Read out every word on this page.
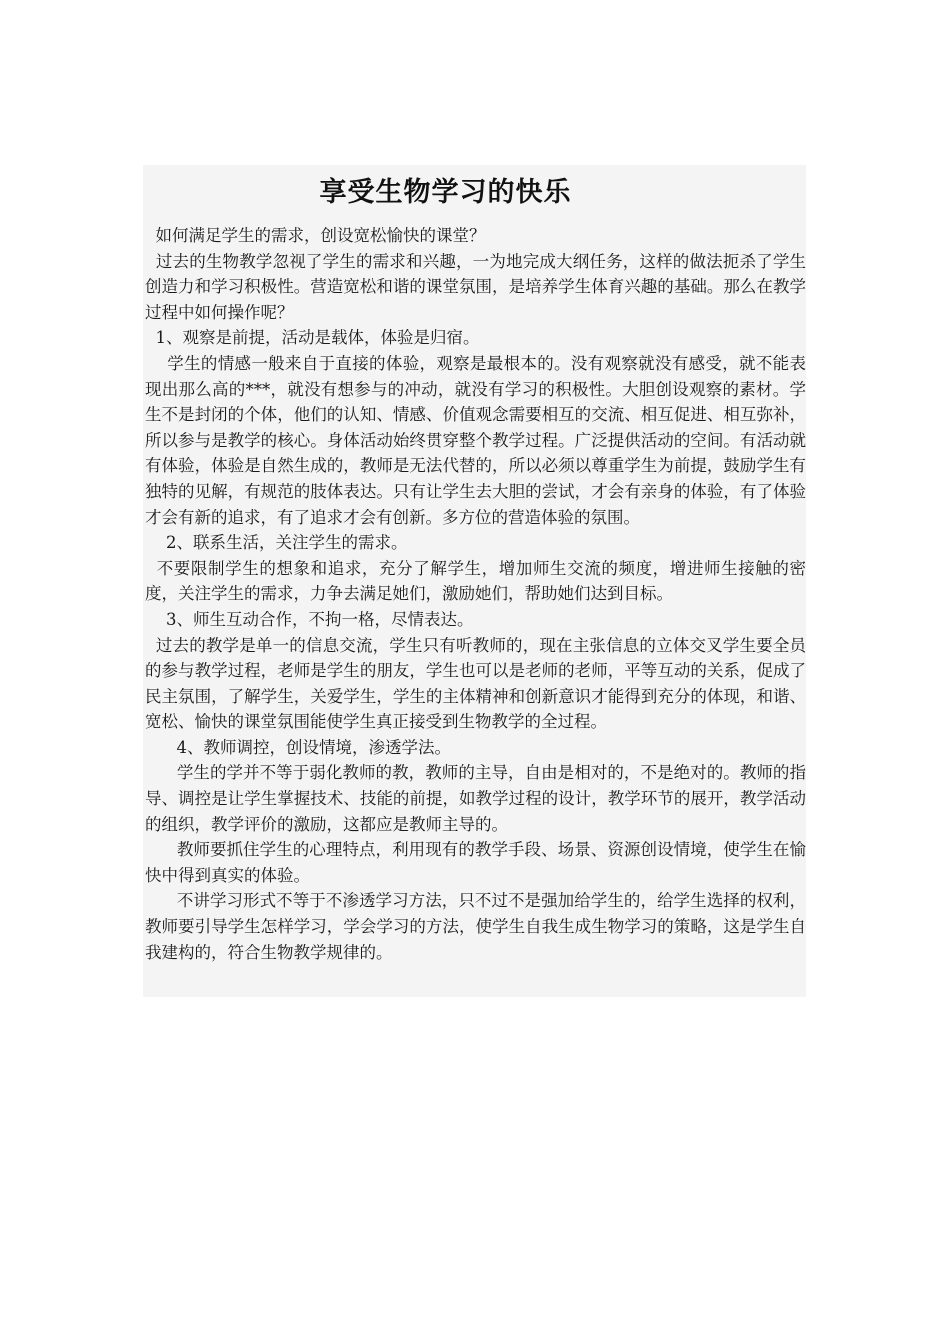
享受生物学习的快乐

如何满足学生的需求，创设宽松愉快的课堂？

过去的生物教学忽视了学生的需求和兴趣，一为地完成大纲任务，这样的做法扼杀了学生创造力和学习积极性。营造宽松和谐的课堂氛围，是培养学生体育兴趣的基础。那么在教学过程中如何操作呢？

1、观察是前提，活动是载体，体验是归宿。

学生的情感一般来自于直接的体验，观察是最根本的。没有观察就没有感受，就不能表现出那么高的***，就没有想参与的冲动，就没有学习的积极性。大胆创设观察的素材。学生不是封闭的个体，他们的认知、情感、价值观念需要相互的交流、相互促进、相互弥补，所以参与是教学的核心。身体活动始终贯穿整个教学过程。广泛提供活动的空间。有活动就有体验，体验是自然生成的，教师是无法代替的，所以必须以尊重学生为前提，鼓励学生有独特的见解，有规范的肢体表达。只有让学生去大胆的尝试，才会有亲身的体验，有了体验才会有新的追求，有了追求才会有创新。多方位的营造体验的氛围。

2、联系生活，关注学生的需求。

不要限制学生的想象和追求，充分了解学生，增加师生交流的频度，增进师生接触的密度，关注学生的需求，力争去满足她们，激励她们，帮助她们达到目标。

3、师生互动合作，不拘一格，尽情表达。

过去的教学是单一的信息交流，学生只有听教师的，现在主张信息的立体交叉学生要全员的参与教学过程，老师是学生的朋友，学生也可以是老师的老师，平等互动的关系，促成了民主氛围，了解学生，关爱学生，学生的主体精神和创新意识才能得到充分的体现，和谐、宽松、愉快的课堂氛围能使学生真正接受到生物教学的全过程。

4、教师调控，创设情境，渗透学法。

学生的学并不等于弱化教师的教，教师的主导，自由是相对的，不是绝对的。教师的指导、调控是让学生掌握技术、技能的前提，如教学过程的设计，教学环节的展开，教学活动的组织，教学评价的激励，这都应是教师主导的。

教师要抓住学生的心理特点，利用现有的教学手段、场景、资源创设情境，使学生在愉快中得到真实的体验。

不讲学习形式不等于不渗透学习方法，只不过不是强加给学生的，给学生选择的权利，教师要引导学生怎样学习，学会学习的方法，使学生自我生成生物学习的策略，这是学生自我建构的，符合生物教学规律的。
